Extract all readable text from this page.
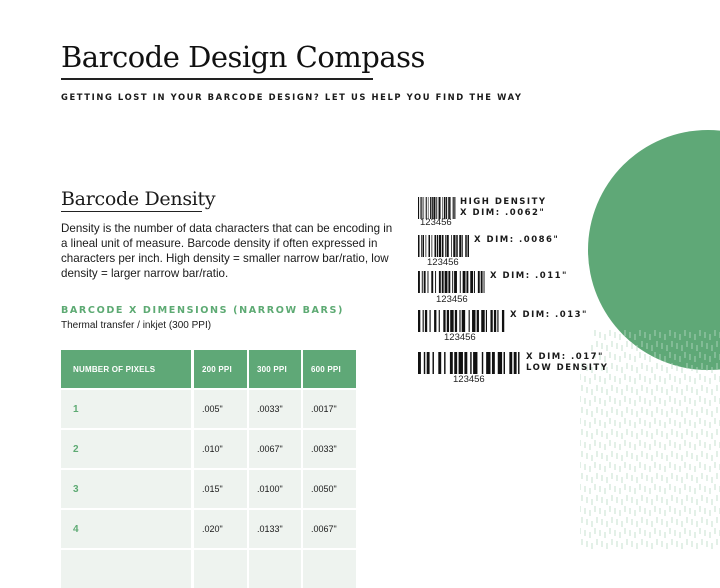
Barcode Design Compass
GETTING LOST IN YOUR BARCODE DESIGN? LET US HELP YOU FIND THE WAY
Barcode Density
Density is the number of data characters that can be encoding in a lineal unit of measure. Barcode density if often expressed in characters per inch. High density = smaller narrow bar/ratio, low density = larger narrow bar/ratio.
BARCODE X DIMENSIONS (NARROW BARS)
Thermal transfer / inkjet (300 PPI)
NUMBER OF PIXELS	200 PPI	300 PPI	600 PPI
1	.005"	.0033"	.0017"
2	.010"	.0067"	.0033"
3	.015"	.0100"	.0050"
4	.020"	.0133"	.0067"
123456
HIGH DENSITY
X DIM: .0062"
123456
X DIM: .0086"
123456
X DIM: .011"
123456
X DIM: .013"
123456
X DIM: .017"
LOW DENSITY
